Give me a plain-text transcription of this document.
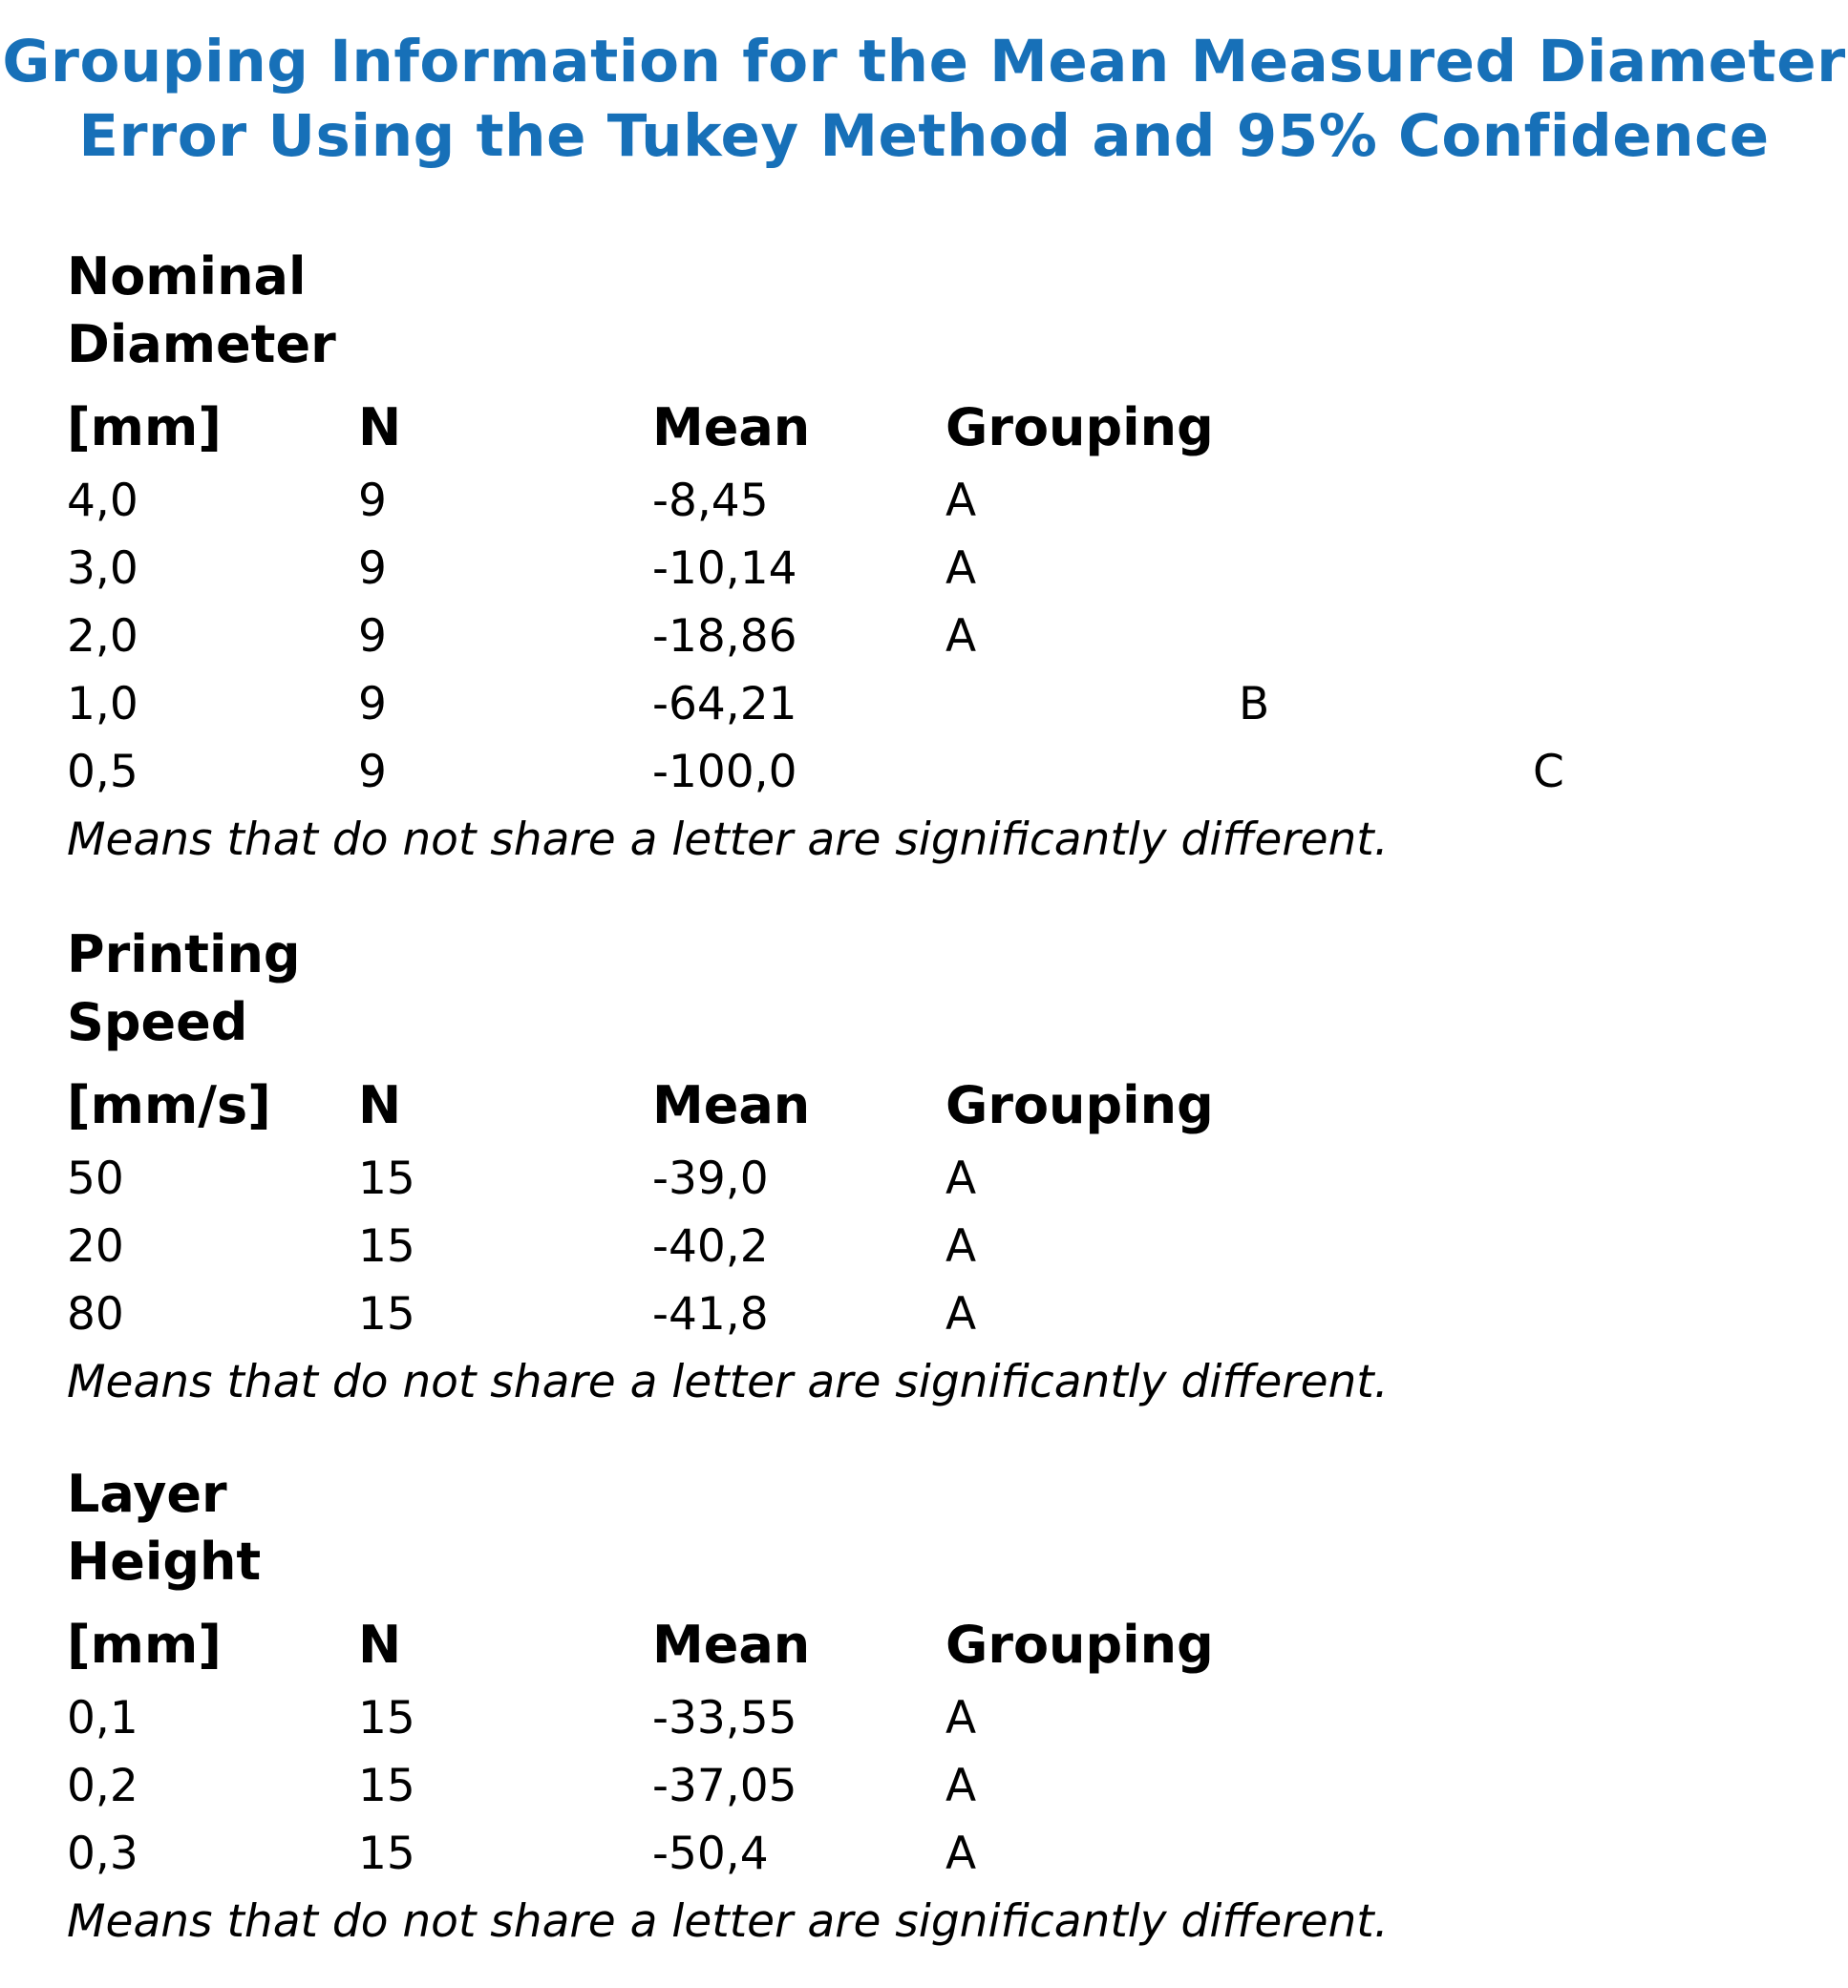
Grouping Information for the Mean Measured Diameter
Error Using the Tukey Method and 95% Confidence
Nominal
Diameter
[mm]	N	Mean	Grouping
4,0	9	-8,45	A
3,0	9	-10,14	A
2,0	9	-18,86	A
1,0	9	-64,21	B
0,5	9	-100,0	C
Means that do not share a letter are significantly different.
Printing
Speed
[mm/s] N	Mean	Grouping
50	15	-39,0	A
20	15	-40,2	A
80	15	-41,8	A
Means that do not share a letter are significantly different.
Layer
Height
[mm]	N	Mean	Grouping
0,1	15	-33,55	A
0,2	15	-37,05	A
0,3	15	-50,4	A
Means that do not share a letter are significantly different.
